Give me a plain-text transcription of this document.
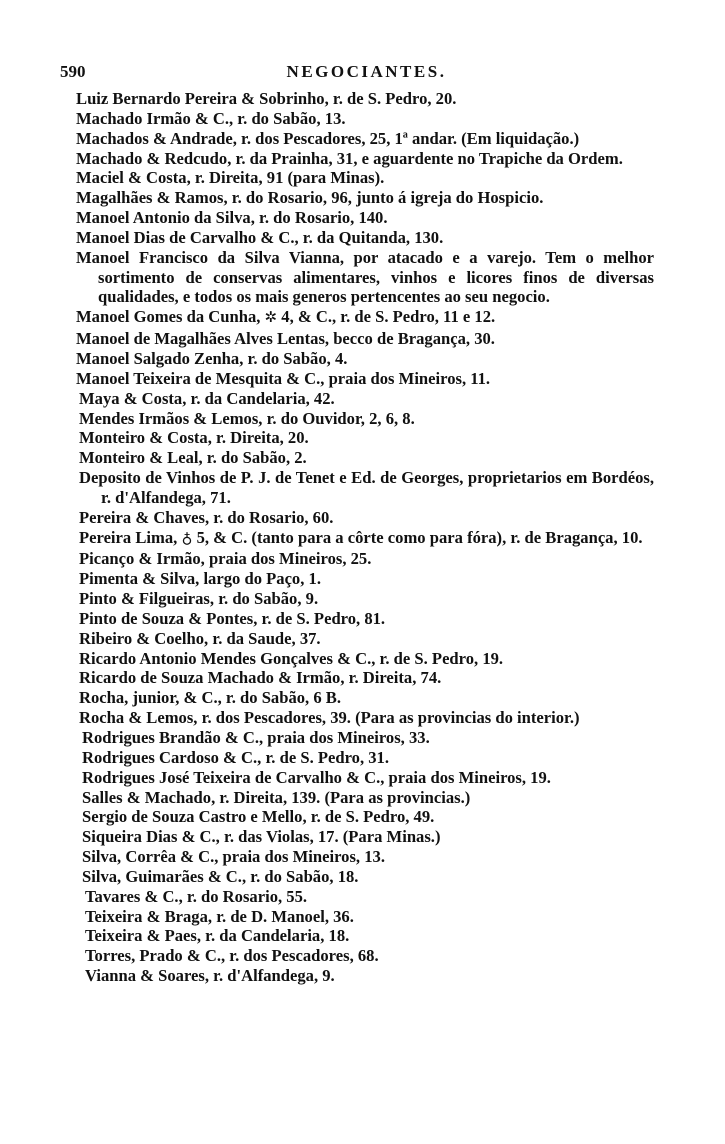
590	NEGOCIANTES.
Luiz Bernardo Pereira & Sobrinho, r. de S. Pedro, 20.
Machado Irmão & C., r. do Sabão, 13.
Machados & Andrade, r. dos Pescadores, 25, 1ª andar. (Em liquidação.)
Machado & Redcudo, r. da Prainha, 31, e aguardente no Trapiche da Ordem.
Maciel & Costa, r. Direita, 91 (para Minas).
Magalhães & Ramos, r. do Rosario, 96, junto á igreja do Hospicio.
Manoel Antonio da Silva, r. do Rosario, 140.
Manoel Dias de Carvalho & C., r. da Quitanda, 130.
Manoel Francisco da Silva Vianna, por atacado e a varejo. Tem o melhor sortimento de conservas alimentares, vinhos e licores finos de diversas qualidades, e todos os mais generos pertencentes ao seu negocio.
Manoel Gomes da Cunha, ✲ 4, & C., r. de S. Pedro, 11 e 12.
Manoel de Magalhães Alves Lentas, becco de Bragança, 30.
Manoel Salgado Zenha, r. do Sabão, 4.
Manoel Teixeira de Mesquita & C., praia dos Mineiros, 11.
Maya & Costa, r. da Candelaria, 42.
Mendes Irmãos & Lemos, r. do Ouvidor, 2, 6, 8.
Monteiro & Costa, r. Direita, 20.
Monteiro & Leal, r. do Sabão, 2.
Deposito de Vinhos de P. J. de Tenet e Ed. de Georges, proprietarios em Bordéos, r. d'Alfandega, 71.
Pereira & Chaves, r. do Rosario, 60.
Pereira Lima, ♁ 5, & C. (tanto para a côrte como para fóra), r. de Bragança, 10.
Picanço & Irmão, praia dos Mineiros, 25.
Pimenta & Silva, largo do Paço, 1.
Pinto & Filgueiras, r. do Sabão, 9.
Pinto de Souza & Pontes, r. de S. Pedro, 81.
Ribeiro & Coelho, r. da Saude, 37.
Ricardo Antonio Mendes Gonçalves & C., r. de S. Pedro, 19.
Ricardo de Souza Machado & Irmão, r. Direita, 74.
Rocha, junior, & C., r. do Sabão, 6 B.
Rocha & Lemos, r. dos Pescadores, 39. (Para as provincias do interior.)
Rodrigues Brandão & C., praia dos Mineiros, 33.
Rodrigues Cardoso & C., r. de S. Pedro, 31.
Rodrigues José Teixeira de Carvalho & C., praia dos Mineiros, 19.
Salles & Machado, r. Direita, 139. (Para as provincias.)
Sergio de Souza Castro e Mello, r. de S. Pedro, 49.
Siqueira Dias & C., r. das Violas, 17. (Para Minas.)
Silva, Corrêa & C., praia dos Mineiros, 13.
Silva, Guimarães & C., r. do Sabão, 18.
Tavares & C., r. do Rosario, 55.
Teixeira & Braga, r. de D. Manoel, 36.
Teixeira & Paes, r. da Candelaria, 18.
Torres, Prado & C., r. dos Pescadores, 68.
Vianna & Soares, r. d'Alfandega, 9.
